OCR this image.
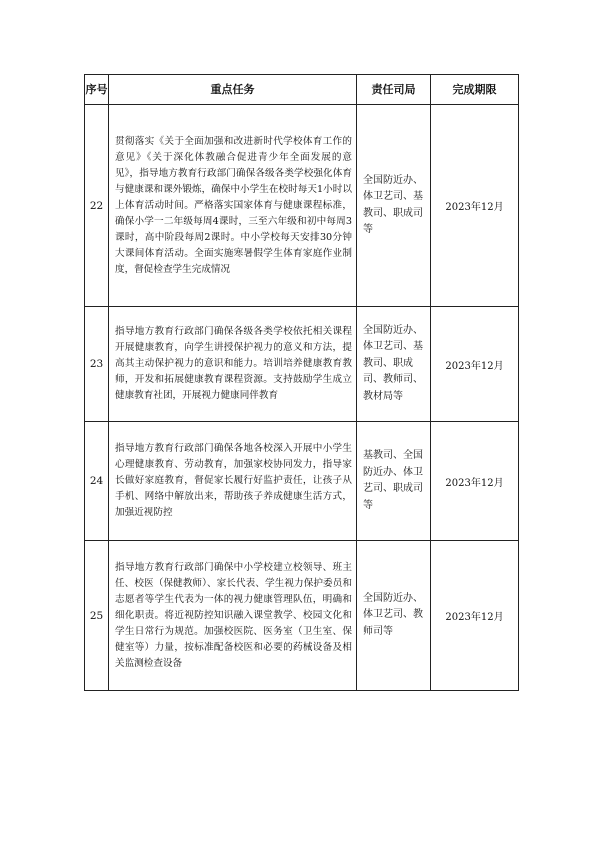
序号	重点任务	责任司局	完成期限
22	贯彻落实《关于全面加强和改进新时代学校体育工作的意见》《关于深化体教融合促进青少年全面发展的意见》，指导地方教育行政部门确保各级各类学校强化体育与健康课和课外锻炼，确保中小学生在校时每天1小时以上体育活动时间。严格落实国家体育与健康课程标准，确保小学一二年级每周4课时，三至六年级和初中每周3课时，高中阶段每周2课时。中小学校每天安排30分钟大课间体育活动。全面实施寒暑假学生体育家庭作业制度，督促检查学生完成情况	全国防近办、体卫艺司、基教司、职成司等	2023年12月
23	指导地方教育行政部门确保各级各类学校依托相关课程开展健康教育，向学生讲授保护视力的意义和方法，提高其主动保护视力的意识和能力。培训培养健康教育教师，开发和拓展健康教育课程资源。支持鼓励学生成立健康教育社团，开展视力健康同伴教育	全国防近办、体卫艺司、基教司、职成司、教师司、教材局等	2023年12月
24	指导地方教育行政部门确保各地各校深入开展中小学生心理健康教育、劳动教育，加强家校协同发力，指导家长做好家庭教育，督促家长履行好监护责任，让孩子从手机、网络中解放出来，帮助孩子养成健康生活方式，加强近视防控	基教司、全国防近办、体卫艺司、职成司等	2023年12月
25	指导地方教育行政部门确保中小学校建立校领导、班主任、校医（保健教师）、家长代表、学生视力保护委员和志愿者等学生代表为一体的视力健康管理队伍，明确和细化职责。将近视防控知识融入课堂教学、校园文化和学生日常行为规范。加强校医院、医务室（卫生室、保健室等）力量，按标准配备校医和必要的药械设备及相关监测检查设备	全国防近办、体卫艺司、教师司等	2023年12月
